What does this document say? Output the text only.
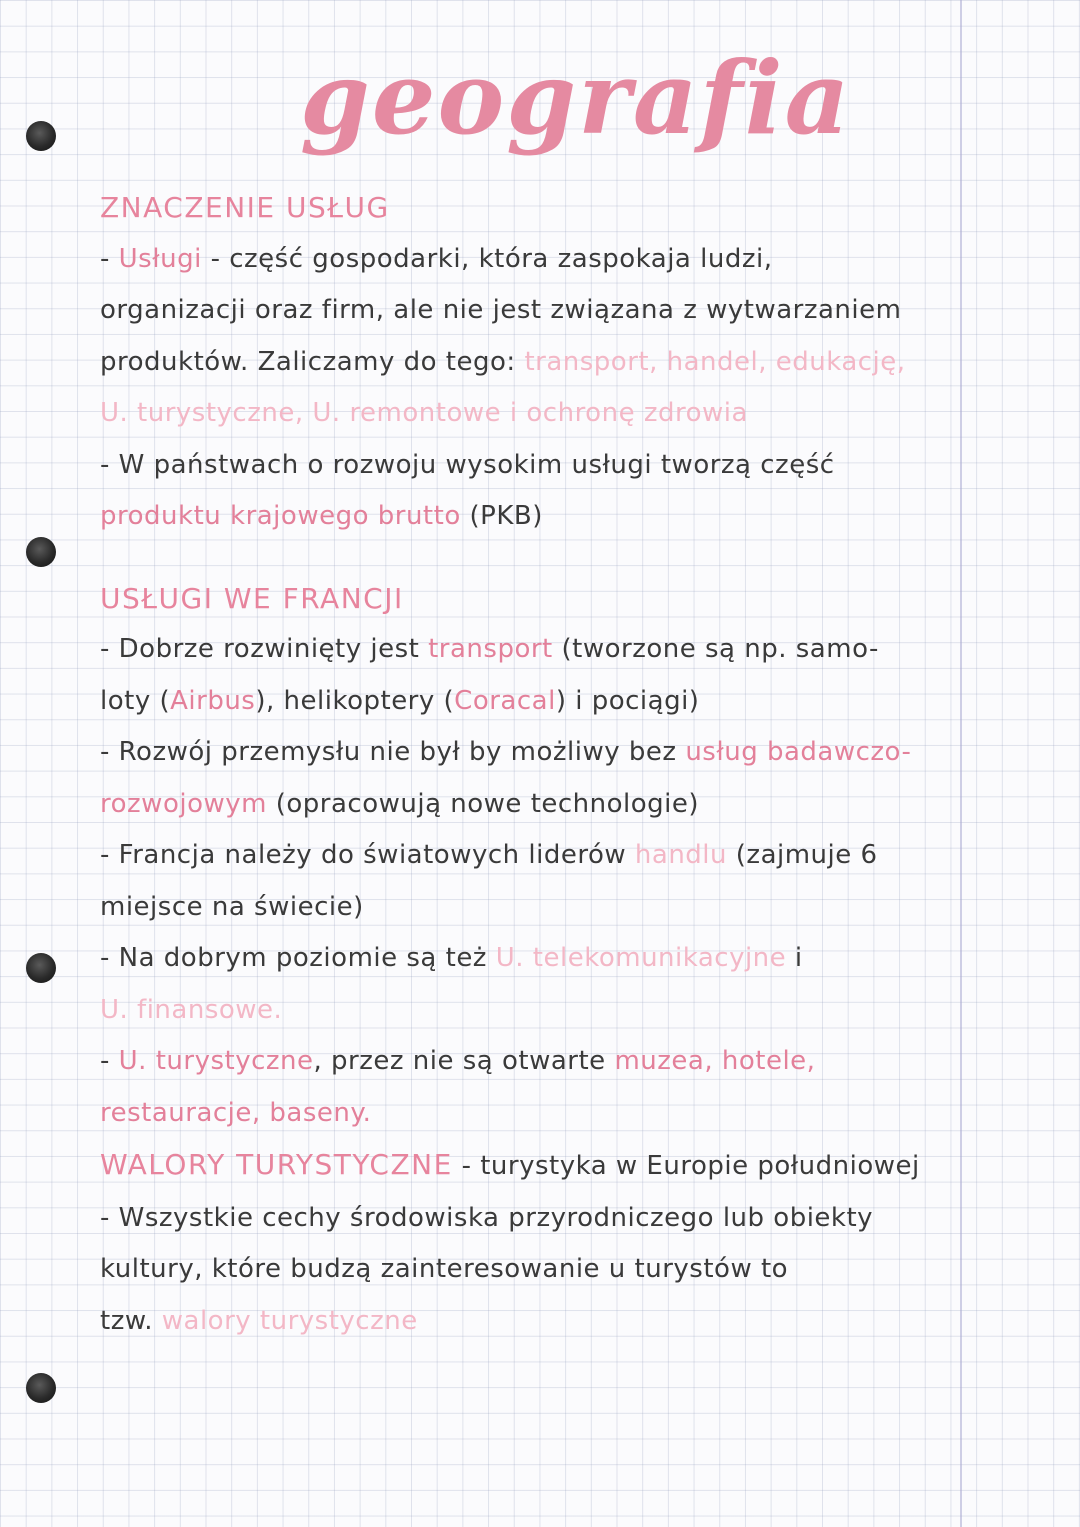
geografia
ZNACZENIE USŁUG
- Usługi - część gospodarki, która zaspokaja ludzi,
organizacji oraz firm, ale nie jest związana z wytwarzaniem
produktów. Zaliczamy do tego: transport, handel, edukację,
U. turystyczne, U. remontowe i ochronę zdrowia
- W państwach o rozwoju wysokim usługi tworzą część
produktu krajowego brutto (PKB)
USŁUGI WE FRANCJI
- Dobrze rozwinięty jest transport (tworzone są np. samo-
loty (Airbus), helikoptery (Coracal) i pociągi)
- Rozwój przemysłu nie był by możliwy bez usług badawczo-
rozwojowym (opracowują nowe technologie)
- Francja należy do światowych liderów handlu (zajmuje 6
miejsce na świecie)
- Na dobrym poziomie są też U. telekomunikacyjne i
U. finansowe.
- U. turystyczne, przez nie są otwarte muzea, hotele,
restauracje, baseny.
WALORY TURYSTYCZNE - turystyka w Europie południowej
- Wszystkie cechy środowiska przyrodniczego lub obiekty
kultury, które budzą zainteresowanie u turystów to
tzw. walory turystyczne
